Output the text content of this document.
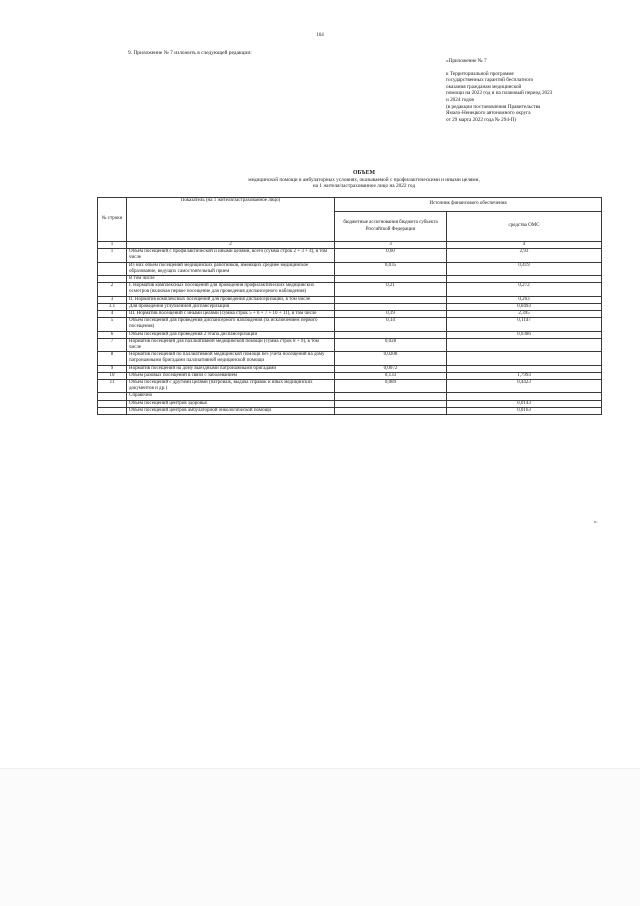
164
9. Приложение № 7 изложить в следующей редакции:
«Приложение № 7
к Территориальной программе
государственных гарантий бесплатного
оказания гражданам медицинской
помощи на 2022 год и на плановый период 2023
и 2024 годов
(в редакции постановления Правительства
Ямало-Ненецкого автономного округа
от 29 марта 2022 года № 294-П)
ОБЪЕМ
медицинской помощи в амбулаторных условиях, оказываемой с профилактическими и иными целями,
на 1 жителя/застрахованное лицо на 2022 год
№ строки	Показатель (на 1 жителя/застрахованное лицо)	Источник финансового обеспечения	
		бюджетные ассигнования бюджета субъекта Российской Федерации	средства ОМС
1	2	3	4
1	Объем посещений с профилактической и иными целями, всего (сумма строк 2 + 3 + 4), в том числе	0,60	2,93
	Из них объем посещений медицинских работников, имеющих среднее медицинское образование, ведущих самостоятельный прием	0,035	0,419
	В том числе		
2	I. Норматив комплексных посещений для проведения профилактических медицинских осмотров (включая первое посещение для проведения диспансерного наблюдения)	0,21	0,272
3	II. Норматив комплексных посещений для проведения диспансеризации, в том числе		0,263
3.1	Для проведения углубленной диспансеризации		0,0493
4	III. Норматив посещений с иными целями (сумма строк 5 + 6 + 7 + 10 + 11), в том числе	0,39	2,395
5	Объем посещений для проведения диспансерного наблюдения (за исключением первого посещения)	0,14	0,1147
6	Объем посещений для проведения 2 этапа диспансеризации		0,0386
7	Норматив посещений для паллиативной медицинской помощи (сумма строк 8 + 9), в том числе	0,028	
8	Норматив посещений по паллиативной медицинской помощи без учета посещений на дому патронажными бригадами паллиативной медицинской помощи	0,0208	
9	Норматив посещений на дому выездными патронажными бригадами	0,0072	
10	Объем разовых посещений в связи с заболеванием	0,133	1,7993
11	Объем посещений с другими целями (патронаж, выдача справок и иных медицинских документов и др.)	0,089	0,4423
	Справочно		
	Объем посещений центров здоровья		0,0143
	Объем посещений центров амбулаторной онкологической помощи		0,0163
».
